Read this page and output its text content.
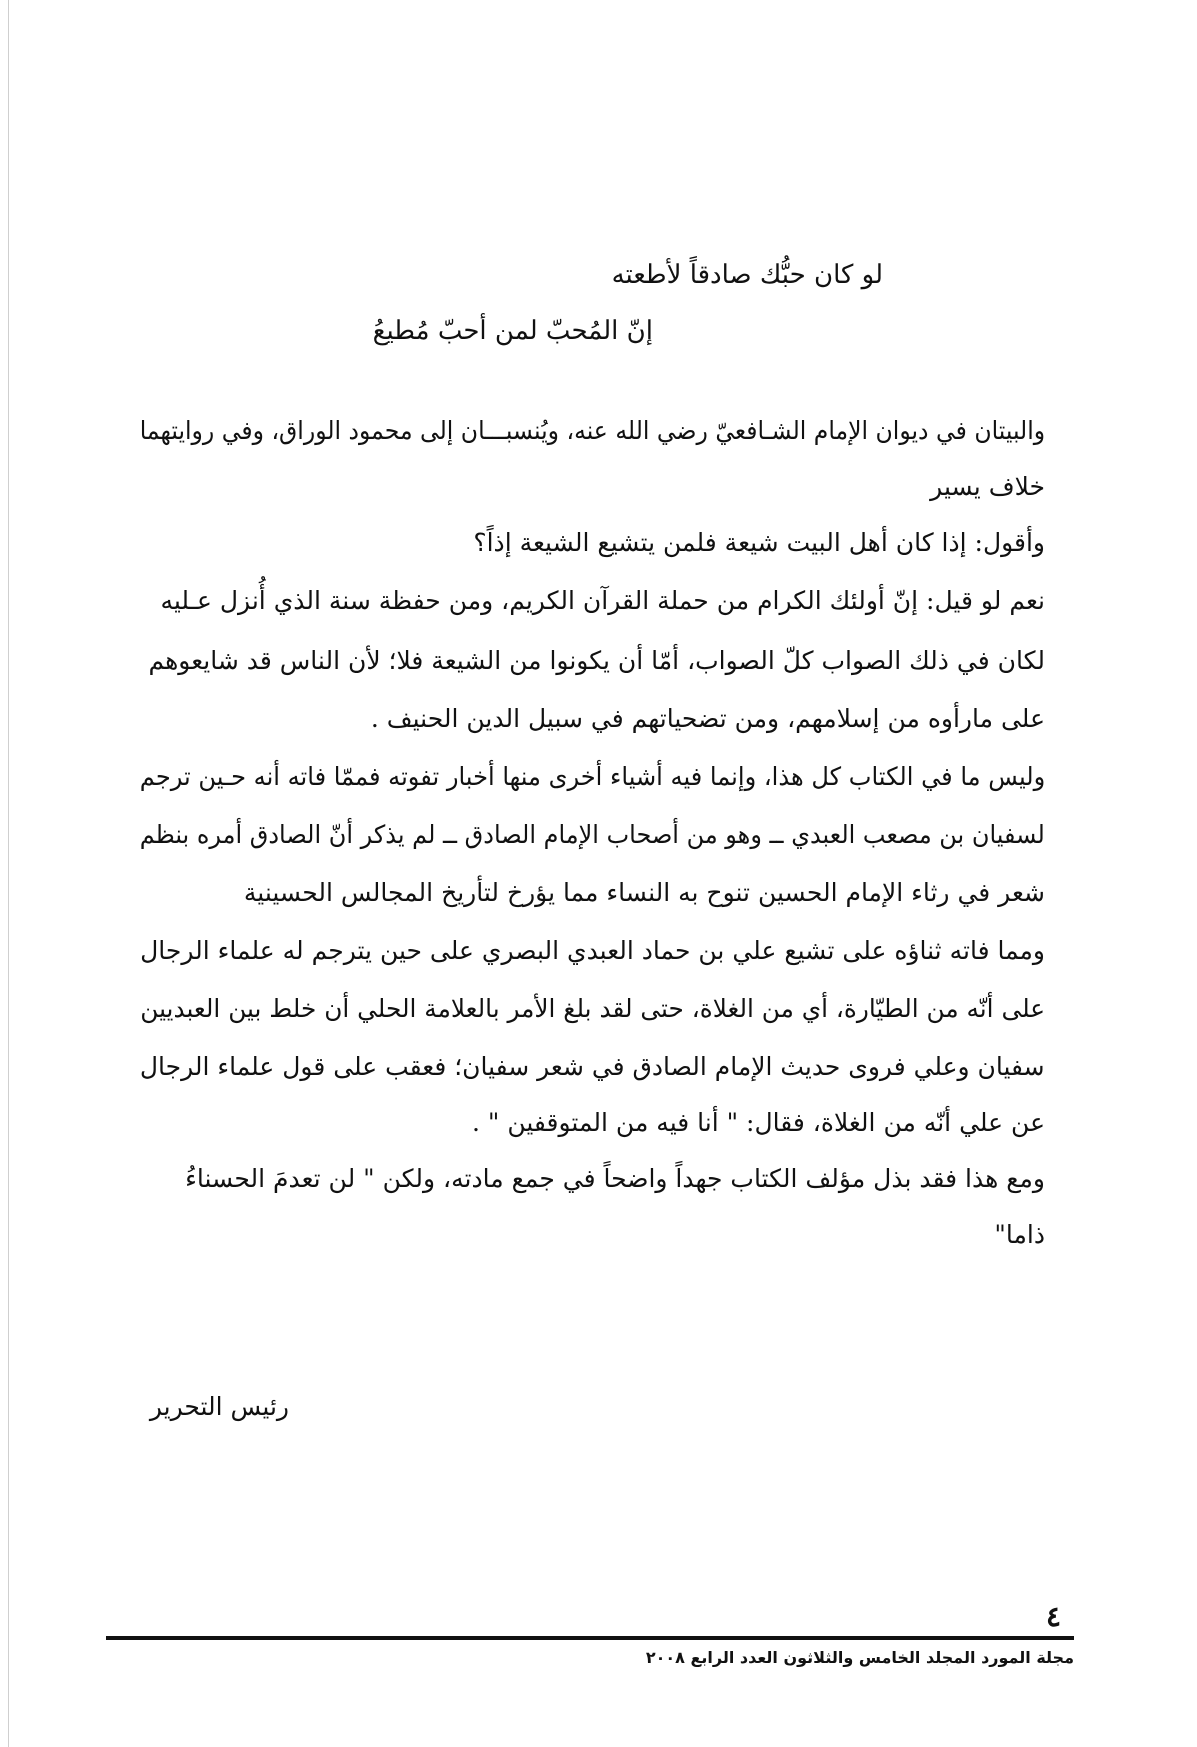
لو كان حبُّك صادقاً لأطعته
إنّ المُحبّ لمن أحبّ مُطيعُ
والبيتان في ديوان الإمام الشـافعيّ رضي الله عنه، ويُنسبـــان إلى محمود الوراق، وفي روايتهما
خلاف يسير
وأقول: إذا كان أهل البيت شيعة فلمن يتشيع الشيعة إذاً؟
نعم لو قيل: إنّ أولئك الكرام من حملة القرآن الكريم، ومن حفظة سنة الذي أُنزل عـليه
لكان في ذلك الصواب كلّ الصواب، أمّا أن يكونوا من الشيعة فلا؛ لأن الناس قد شايعوهم
على مارأوه من إسلامهم، ومن تضحياتهم في سبيل الدين الحنيف .
وليس ما في الكتاب كل هذا، وإنما فيه أشياء أخرى منها أخبار تفوته فممّا فاته أنه حـين ترجم
لسفيان بن مصعب العبدي ــ وهو من أصحاب الإمام الصادق ــ لم يذكر أنّ الصادق أمره بنظم
شعر في رثاء الإمام الحسين تنوح به النساء مما يؤرخ لتأريخ المجالس الحسينية
ومما فاته ثناؤه على تشيع علي بن حماد العبدي البصري على حين يترجم له علماء الرجال
على أنّه من الطيّارة، أي من الغلاة، حتى لقد بلغ الأمر بالعلامة الحلي أن خلط بين العبديين
سفيان وعلي فروى حديث الإمام الصادق في شعر سفيان؛ فعقب على قول علماء الرجال
عن علي أنّه من الغلاة، فقال: " أنا فيه من المتوقفين " .
ومع هذا فقد بذل مؤلف الكتاب جهداً واضحاً في جمع مادته، ولكن " لن تعدمَ الحسناءُ
ذاما"
رئيس التحرير
٤
مجلة المورد المجلد الخامس والثلاثون العدد الرابع ٢٠٠٨
